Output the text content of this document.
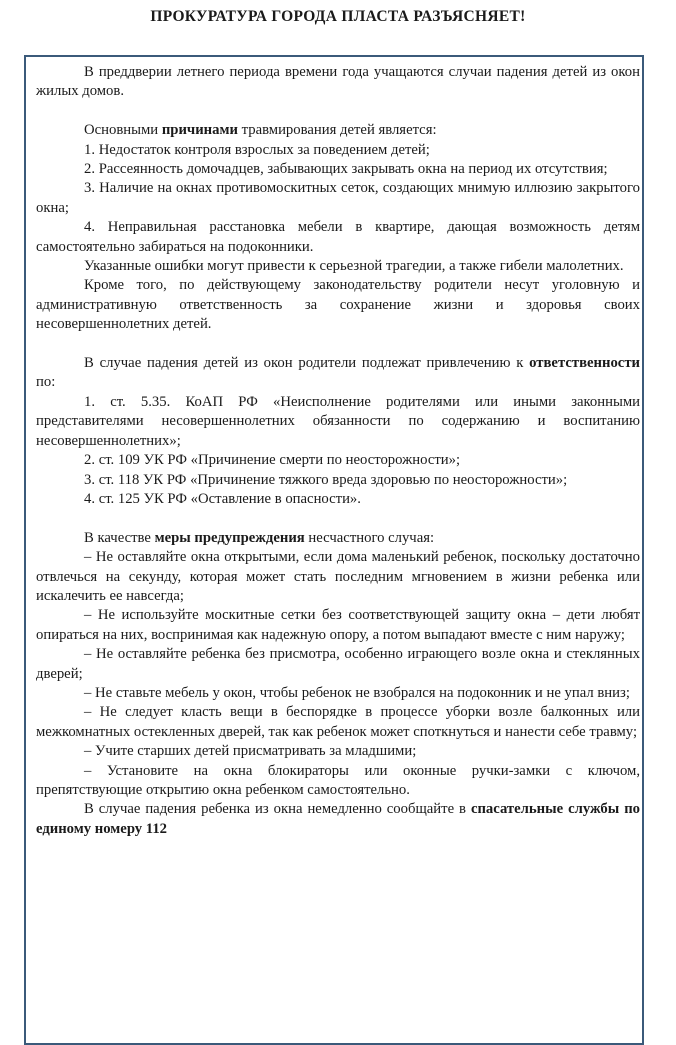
ПРОКУРАТУРА ГОРОДА ПЛАСТА РАЗЪЯСНЯЕТ!

В преддверии летнего периода времени года учащаются случаи падения детей из окон жилых домов.

Основными причинами травмирования детей является:

1. Недостаток контроля взрослых за поведением детей;

2. Рассеянность домочадцев, забывающих закрывать окна на период их отсутствия;

3. Наличие на окнах противомоскитных сеток, создающих мнимую иллюзию закрытого окна;

4. Неправильная расстановка мебели в квартире, дающая возможность детям самостоятельно забираться на подоконники.

Указанные ошибки могут привести к серьезной трагедии, а также гибели малолетних.

Кроме того, по действующему законодательству родители несут уголовную и административную ответственность за сохранение жизни и здоровья своих несовершеннолетних детей.

В случае падения детей из окон родители подлежат привлечению к ответственности по:

1. ст. 5.35. КоАП РФ «Неисполнение родителями или иными законными представителями несовершеннолетних обязанности по содержанию и воспитанию несовершеннолетних»;

2. ст. 109 УК РФ «Причинение смерти по неосторожности»;

3. ст. 118 УК РФ «Причинение тяжкого вреда здоровью по неосторожности»;

4. ст. 125 УК РФ «Оставление в опасности».

В качестве меры предупреждения несчастного случая:

– Не оставляйте окна открытыми, если дома маленький ребенок, поскольку достаточно отвлечься на секунду, которая может стать последним мгновением в жизни ребенка или искалечить ее навсегда;

– Не используйте москитные сетки без соответствующей защиту окна – дети любят опираться на них, воспринимая как надежную опору, а потом выпадают вместе с ним наружу;

– Не оставляйте ребенка без присмотра, особенно играющего возле окна и стеклянных дверей;

– Не ставьте мебель у окон, чтобы ребенок не взобрался на подоконник и не упал вниз;

– Не следует класть вещи в беспорядке в процессе уборки возле балконных или межкомнатных остекленных дверей, так как ребенок может споткнуться и нанести себе травму;

– Учите старших детей присматривать за младшими;

– Установите на окна блокираторы или оконные ручки-замки с ключом, препятствующие открытию окна ребенком самостоятельно.

В случае падения ребенка из окна немедленно сообщайте в спасательные службы по единому номеру 112
